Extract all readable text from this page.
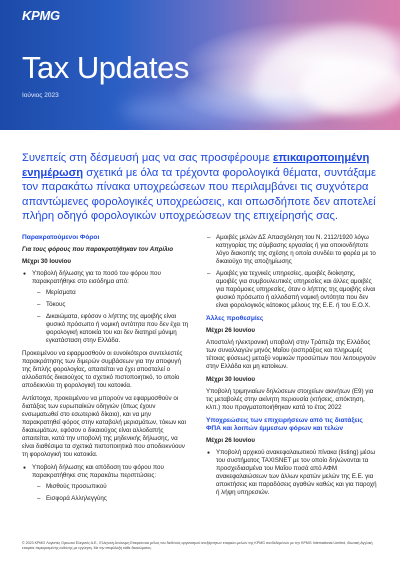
KPMG
Tax Updates
Ιούνιος 2023
Συνεπείς στη δέσμευσή μας να σας προσφέρουμε επικαιροποιημένη ενημέρωση σχετικά με όλα τα τρέχοντα φορολογικά θέματα, συντάξαμε τον παρακάτω πίνακα υποχρεώσεων που περιλαμβάνει τις συχνότερα απαντώμενες φορολογικές υποχρεώσεις, και οπωσδήποτε δεν αποτελεί πλήρη οδηγό φορολογικών υποχρεώσεων της επιχείρησής σας.
Παρακρατούμενοι Φόροι
Για τους φόρους που παρακρατήθηκαν τον Απρίλιο
Μέχρι 30 Ιουνίου
● Υποβολή δήλωσης για το ποσό του φόρου που παρακρατήθηκε στο εισόδημα από:
‒ Μερίσματα
‒ Τόκους
‒ Δικαιώματα, εφόσον ο λήπτης της αμοιβής είναι φυσικό πρόσωπο ή νομική οντότητα που δεν έχει τη φορολογική κατοικία του και δεν διατηρεί μόνιμη εγκατάσταση στην Ελλάδα.

Προκειμένου να εφαρμοσθούν οι ευνοϊκότεροι συντελεστές παρακράτησης των διμερών συμβάσεων για την αποφυγή της διπλής φορολογίας, απαιτείται να έχει αποσταλεί ο αλλοδαπός δικαιούχος το σχετικό πιστοποιητικό, το οποίο αποδεικνύει τη φορολογική του κατοικία.

Αντίστοιχα, προκειμένου να μπορούν να εφαρμοσθούν οι διατάξεις των ευρωπαϊκών οδηγιών (όπως έχουν ενσωματωθεί στο εσωτερικό δίκαιο), και να μην παρακρατηθεί φόρος στην καταβολή μερισμάτων, τόκων και δικαιωμάτων, εφόσον ο δικαιούχος είναι αλλοδαπής απαιτείται, κατά την υποβολή της μηδενικής δήλωσης, να είναι διαθέσιμα τα σχετικά πιστοποιητικά που αποδεικνύουν τη φορολογική του κατοικία.

● Υποβολή δήλωσης και απόδοση του φόρου που παρακρατήθηκε στις παρακάτω περιπτώσεις:
‒ Μισθούς προσωπικού
‒ Εισφορά Αλληλεγγύης
‒ Αμοιβές μελών ΔΣ Απασχόληση του Ν. 2112/1920 λόγω κατηγορίας της σύμβασης εργασίας ή για οποιονδήποτε λόγο διακοπής της σχέσης η οποία συνδέει το φορέα με το δικαιούχο της αποζημίωσης
‒ Αμοιβές για τεχνικές υπηρεσίες, αμοιβές διοίκησης, αμοιβές για συμβουλευτικές υπηρεσίες και άλλες αμοιβές για παρόμοιες υπηρεσίες, όταν ο λήπτης της αμοιβής είναι φυσικό πρόσωπο ή αλλοδαπή νομική οντότητα που δεν είναι φορολογικός κάτοικος μέλους της Ε.Ε. ή του Ε.Ο.Χ.
Άλλες προθεσμίες
Μέχρι 26 Ιουνίου

Αποστολή ηλεκτρονική υποβολή στην Τράπεζα της Ελλάδος των συναλλαγών μηνός Μαΐου (εισπράξεις και πληρωμές τέτοιας φύσεως) μεταξύ νομικών προσώπων που λειτουργούν στην Ελλάδα και μη κατοίκων.

Μέχρι 30 Ιουνίου

Υποβολή τριμηνιαίων δηλώσεων στοιχείων ακινήτων (Ε9) για τις μεταβολές στην ακίνητη περιουσία (κτήσεις, απόκτηση, κλπ.) που πραγματοποιήθηκαν κατά το έτος 2022

Υποχρεώσεις των επιχειρήσεων από τις διατάξεις ΦΠΑ και λοιπών έμμεσων φόρων και τελών
Μέχρι 26 Ιουνίου
● Υποβολή αρχικού ανακεφαλαιωτικού πίνακα (listing) μέσω του συστήματος TAXISNET με τον οποίο δηλώνονται τα προσχεδιασμένα του Μαΐου ποσά από ΑΦΜ ανακεφαλαιώσεων των άλλων κρατών μελών της Ε.Ε. για αποκτήσεις και παραδόσεις αγαθών καθώς και για παροχή ή λήψη υπηρεσιών.
© 2023 KPMG Λογιστές Ορκωτοί Ελεγκτές Α.Ε., Ελληνική Ανώνυμη Εταιρεία και μέλος του διεθνούς οργανισμού ανεξάρτητων εταιριών-μελών της KPMG συνδεδεμένων με την KPMG International Limited, ιδιωτική Αγγλική εταιρεία περιορισμένης ευθύνης με εγγύηση. Με την επιφύλαξη κάθε δικαιώματος.
